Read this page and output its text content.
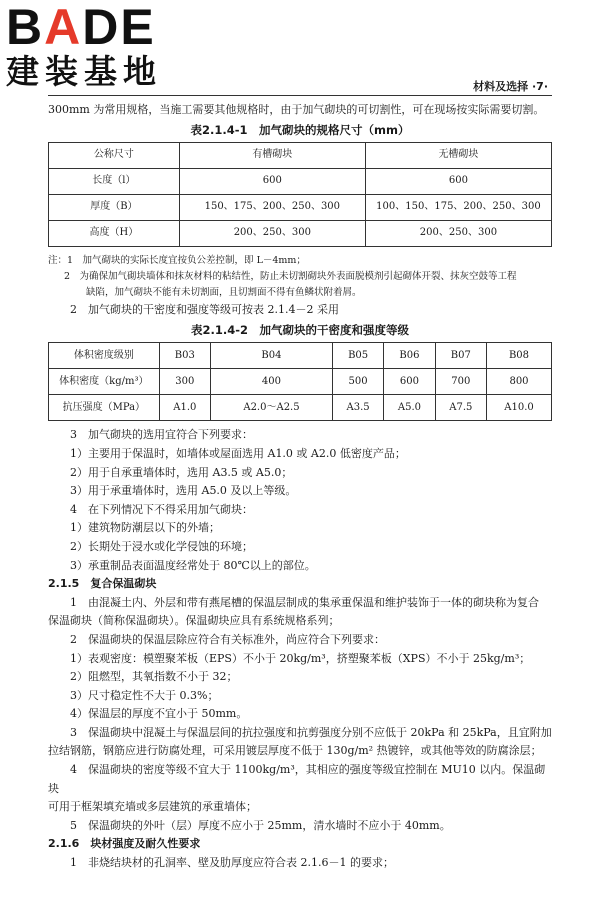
BADE
建装基地	材料及选择 ·7·

300mm 为常用规格，当施工需要其他规格时，由于加气砌块的可切割性，可在现场按实际需要切割。

表2.1.4-1　加气砌块的规格尺寸（mm）
公称尺寸	有槽砌块	无槽砌块
长度（l）	600	600
厚度（B）	150、175、200、250、300	100、150、175、200、250、300
高度（H）	200、250、300	200、250、300
注：1　加气砌块的实际长度宜按负公差控制，即 L－4mm；
2　为确保加气砌块墙体和抹灰材料的粘结性，防止未切割砌块外表面脱模剂引起砌体开裂、抹灰空鼓等工程
缺陷，加气砌块不能有未切割面，且切割面不得有鱼鳞状附着屑。

2　加气砌块的干密度和强度等级可按表 2.1.4－2 采用

表2.1.4-2　加气砌块的干密度和强度等级
体积密度级别	B03	B04	B05	B06	B07	B08
体积密度（kg/m³）	300	400	500	600	700	800
抗压强度（MPa）	A1.0	A2.0～A2.5	A3.5	A5.0	A7.5	A10.0

3　加气砌块的选用宜符合下列要求：

1）主要用于保温时，如墙体或屋面选用 A1.0 或 A2.0 低密度产品；

2）用于自承重墙体时，选用 A3.5 或 A5.0；

3）用于承重墙体时，选用 A5.0 及以上等级。

4　在下列情况下不得采用加气砌块：

1）建筑物防潮层以下的外墙；

2）长期处于浸水或化学侵蚀的环境；

3）承重制品表面温度经常处于 80℃以上的部位。

2.1.5　复合保温砌块

1　由混凝土内、外层和带有燕尾槽的保温层制成的集承重保温和维护装饰于一体的砌块称为复合

保温砌块（简称保温砌块）。保温砌块应具有系统规格系列；

2　保温砌块的保温层除应符合有关标准外，尚应符合下列要求：

1）表观密度：模塑聚苯板（EPS）不小于 20kg/m³，挤塑聚苯板（XPS）不小于 25kg/m³；

2）阻燃型，其氧指数不小于 32；

3）尺寸稳定性不大于 0.3%；

4）保温层的厚度不宜小于 50mm。

3　保温砌块中混凝土与保温层间的抗拉强度和抗剪强度分别不应低于 20kPa 和 25kPa，且宜附加

拉结钢筋，钢筋应进行防腐处理，可采用镀层厚度不低于 130g/m² 热镀锌，或其他等效的防腐涂层；

4　保温砌块的密度等级不宜大于 1100kg/m³，其相应的强度等级宜控制在 MU10 以内。保温砌块

可用于框架填充墙或多层建筑的承重墙体；

5　保温砌块的外叶（层）厚度不应小于 25mm，清水墙时不应小于 40mm。

2.1.6　块材强度及耐久性要求

1　非烧结块材的孔洞率、壁及肋厚度应符合表 2.1.6－1 的要求；
